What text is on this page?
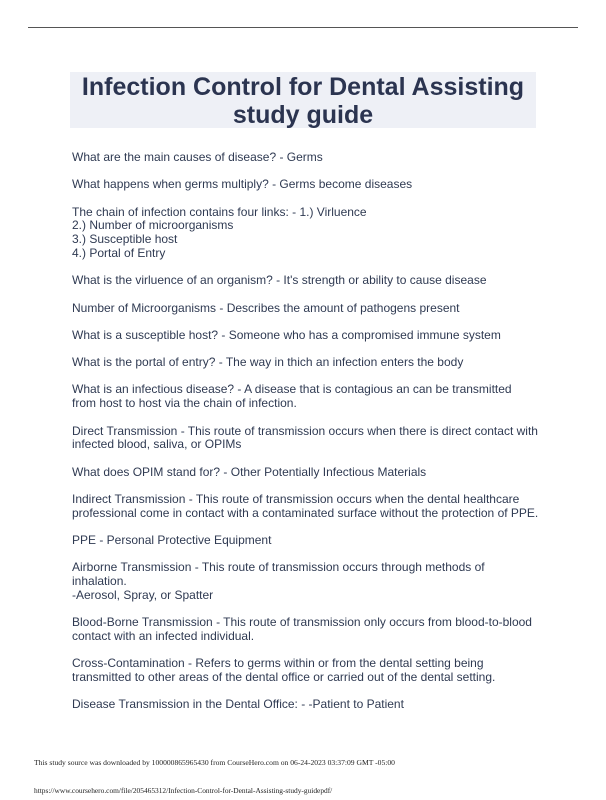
Infection Control for Dental Assisting
study guide
What are the main causes of disease? - Germs
What happens when germs multiply? - Germs become diseases
The chain of infection contains four links: - 1.) Virluence
2.) Number of microorganisms
3.) Susceptible host
4.) Portal of Entry
What is the virluence of an organism? - It's strength or ability to cause disease
Number of Microorganisms - Describes the amount of pathogens present
What is a susceptible host? - Someone who has a compromised immune system
What is the portal of entry? - The way in thich an infection enters the body
What is an infectious disease? - A disease that is contagious an can be transmitted
from host to host via the chain of infection.
Direct Transmission - This route of transmission occurs when there is direct contact with
infected blood, saliva, or OPIMs
What does OPIM stand for? - Other Potentially Infectious Materials
Indirect Transmission - This route of transmission occurs when the dental healthcare
professional come in contact with a contaminated surface without the protection of PPE.
PPE - Personal Protective Equipment
Airborne Transmission - This route of transmission occurs through methods of
inhalation.
-Aerosol, Spray, or Spatter
Blood-Borne Transmission - This route of transmission only occurs from blood-to-blood
contact with an infected individual.
Cross-Contamination - Refers to germs within or from the dental setting being
transmitted to other areas of the dental office or carried out of the dental setting.
Disease Transmission in the Dental Office: - -Patient to Patient
This study source was downloaded by 100000865965430 from CourseHero.com on 06-24-2023 03:37:09 GMT -05:00
https://www.coursehero.com/file/205465312/Infection-Control-for-Dental-Assisting-study-guidepdf/
